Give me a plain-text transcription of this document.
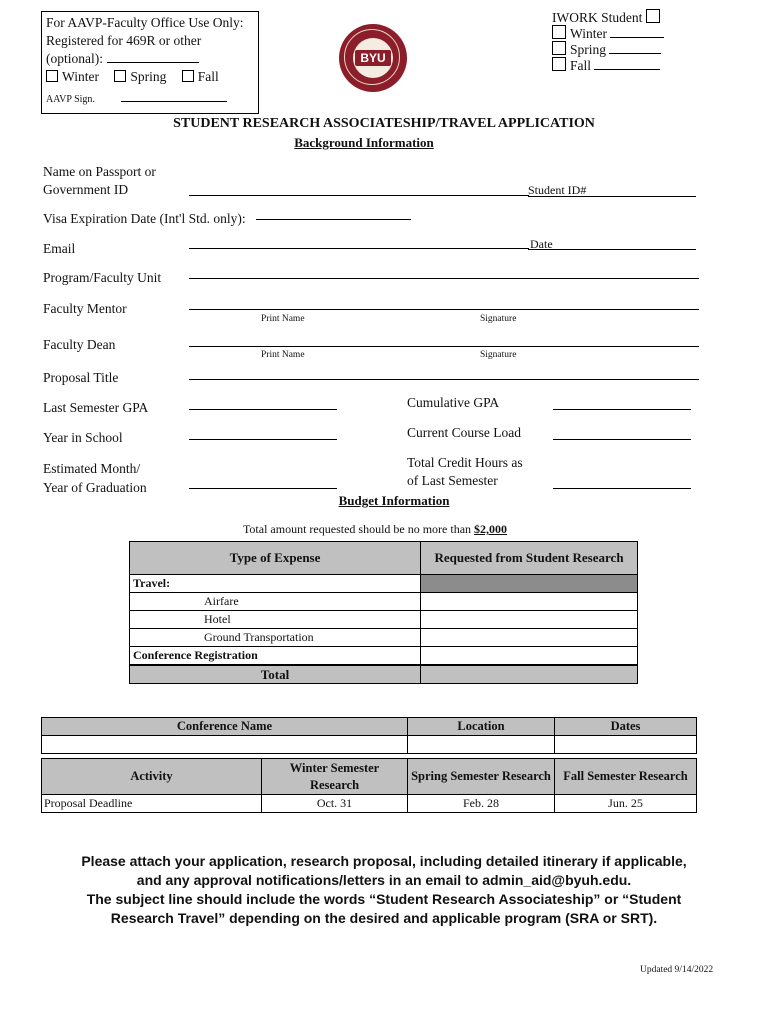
For AAVP-Faculty Office Use Only:
Registered for 469R or other
(optional):
Winter Spring Fall
AAVP Sign.
BYU
IWORK Student
Winter
Spring
Fall
STUDENT RESEARCH ASSOCIATESHIP/TRAVEL APPLICATION
Background Information
Name on Passport or
Government ID	Student ID#
Visa Expiration Date (Int'l Std. only):
Email	Date
Program/Faculty Unit
Faculty Mentor
Print Name	Signature
Faculty Dean
Print Name	Signature
Proposal Title
Last Semester GPA	Cumulative GPA
Year in School	Current Course Load
Estimated Month/
Year of Graduation
Total Credit Hours as
of Last Semester
Budget Information
Total amount requested should be no more than $2,000
Type of Expense	Requested from Student Research
Travel:	
Airfare	
Hotel	
Ground Transportation	
Conference Registration	
Total	
Conference Name	Location	Dates

Activity	Winter Semester Research	Spring Semester Research	Fall Semester Research
Proposal Deadline	Oct. 31	Feb. 28	Jun. 25
Please attach your application, research proposal, including detailed itinerary if applicable,
and any approval notifications/letters in an email to admin_aid@byuh.edu.
The subject line should include the words “Student Research Associateship” or “Student
Research Travel” depending on the desired and applicable program (SRA or SRT).
Updated 9/14/2022
